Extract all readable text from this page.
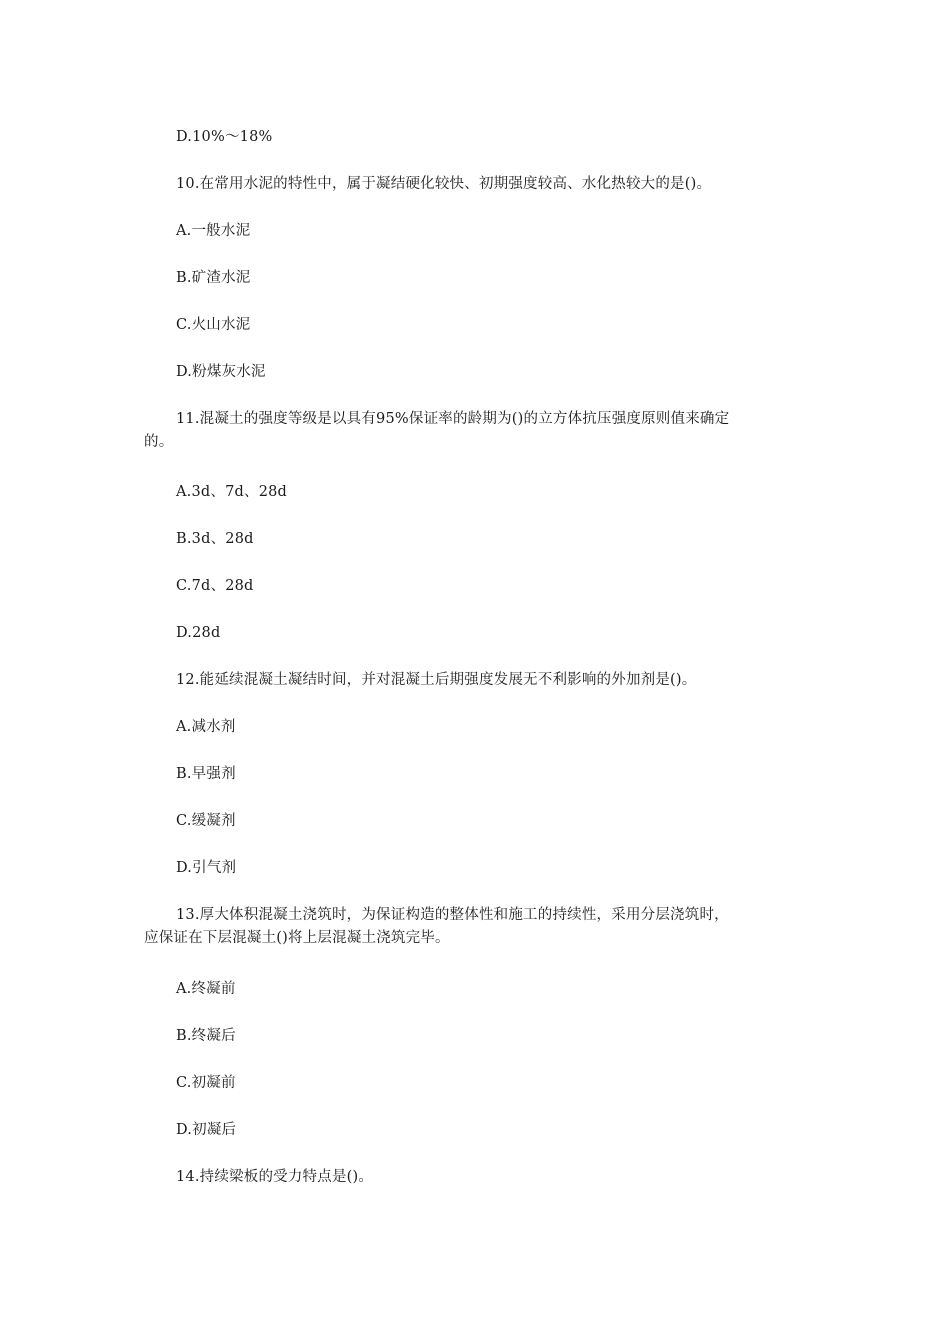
D.10%～18%
10.在常用水泥的特性中，属于凝结硬化较快、初期强度较高、水化热较大的是()。
A.一般水泥
B.矿渣水泥
C.火山水泥
D.粉煤灰水泥
11.混凝土的强度等级是以具有95%保证率的龄期为()的立方体抗压强度原则值来确定
的。
A.3d、7d、28d
B.3d、28d
C.7d、28d
D.28d
12.能延续混凝土凝结时间，并对混凝土后期强度发展无不利影响的外加剂是()。
A.减水剂
B.早强剂
C.缓凝剂
D.引气剂
13.厚大体积混凝土浇筑时，为保证构造的整体性和施工的持续性，采用分层浇筑时，
应保证在下层混凝土()将上层混凝土浇筑完毕。
A.终凝前
B.终凝后
C.初凝前
D.初凝后
14.持续梁板的受力特点是()。
